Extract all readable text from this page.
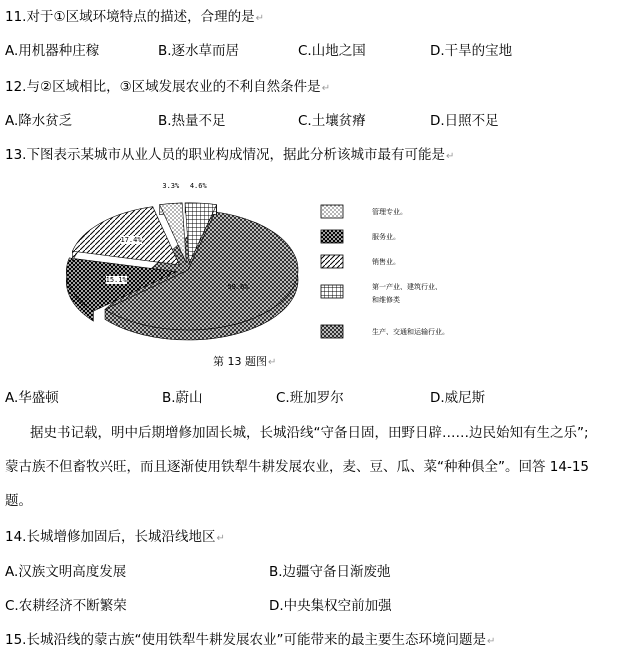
11.对于①区域环境特点的描述，合理的是↵
A.用机器种庄稼	B.逐水草而居	C.山地之国	D.干旱的宝地
12.与②区域相比，③区域发展农业的不利自然条件是↵
A.降水贫乏	B.热量不足	C.土壤贫瘠	D.日照不足
13.下图表示某城市从业人员的职业构成情况，据此分析该城市最有可能是↵
59.6%
15.1%
17.4%
3.3% 4.6%
管理专业。
服务业。
销售业。
第一产业、建筑行业、
和维修类
生产、交通和运输行业。
第 13 题图↵
A.华盛顿	B.蔚山	C.班加罗尔	D.威尼斯
据史书记载，明中后期增修加固长城，长城沿线“守备日固，田野日辟……边民始知有生之乐”;
蒙古族不但畜牧兴旺，而且逐渐使用铁犁牛耕发展农业，麦、豆、瓜、菜“种种俱全”。回答 14-15
题。
14.长城增修加固后，长城沿线地区↵
A.汉族文明高度发展	B.边疆守备日渐废弛
C.农耕经济不断繁荣	D.中央集权空前加强
15.长城沿线的蒙古族“使用铁犁牛耕发展农业”可能带来的最主要生态环境问题是↵
